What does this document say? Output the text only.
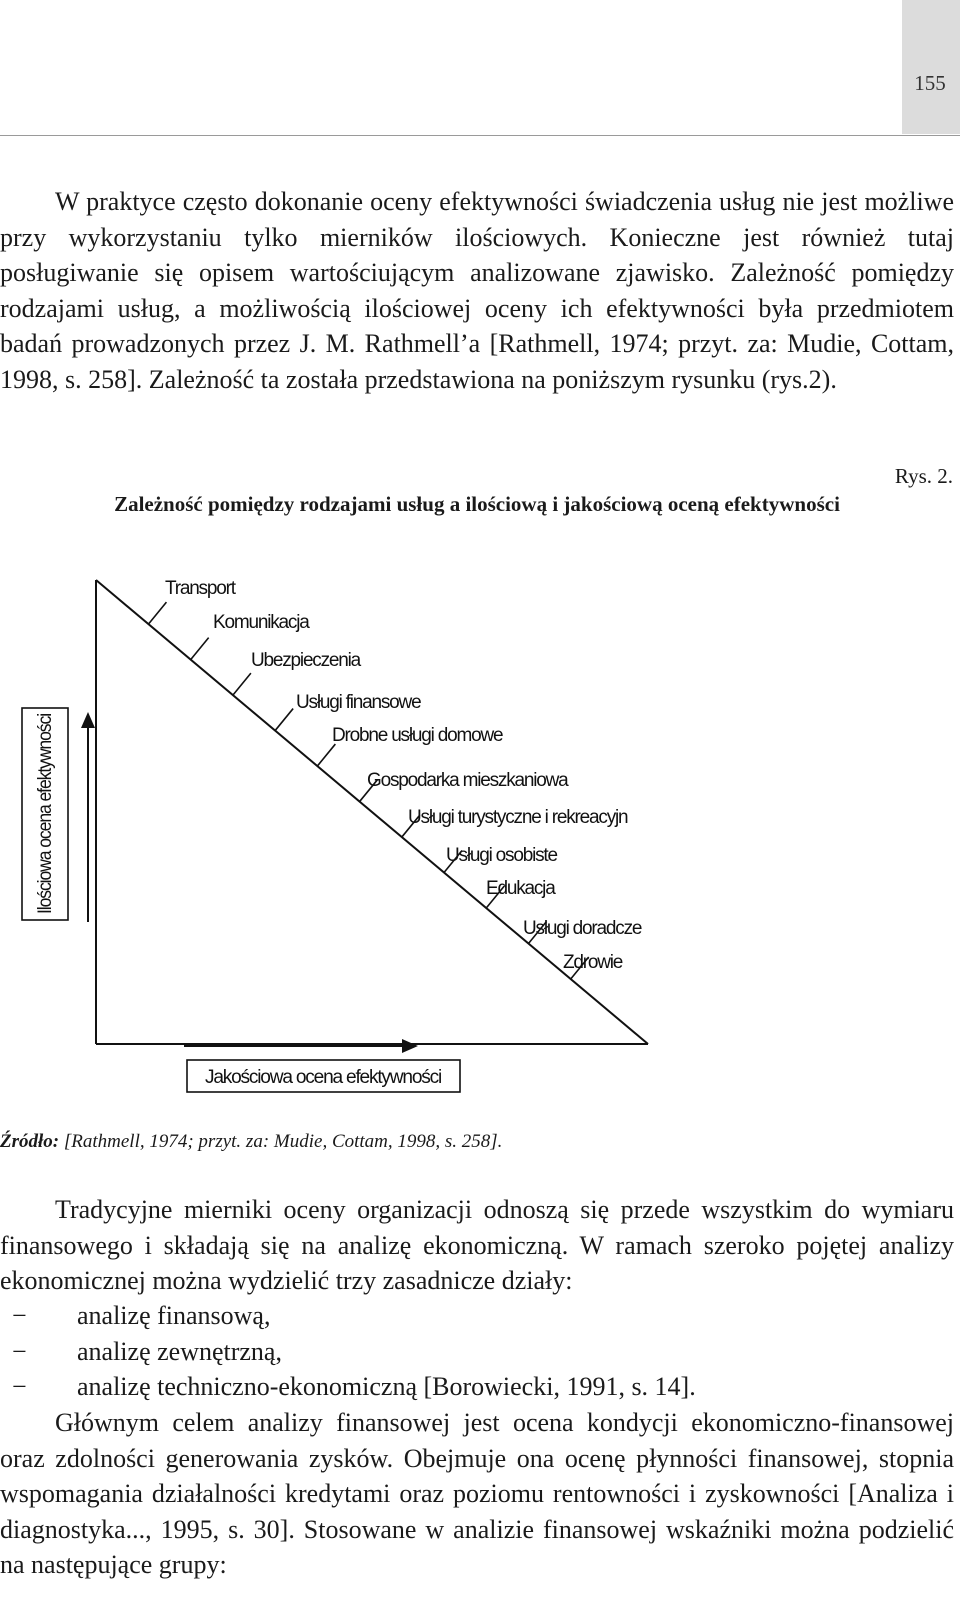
155

W praktyce często dokonanie oceny efektywności świadczenia usług nie jest możliwe przy wykorzystaniu tylko mierników ilościowych. Konieczne jest również tutaj posługiwanie się opisem wartościującym analizowane zjawisko. Zależność pomiędzy rodzajami usług, a możliwością ilościowej oceny ich efektywności była przedmiotem badań prowadzonych przez J. M. Rathmell’a [Rathmell, 1974; przyt. za: Mudie, Cottam, 1998, s. 258]. Zależność ta została przedstawiona na poniższym rysunku (rys.2).

Rys. 2.
Zależność pomiędzy rodzajami usług a ilościową i jakościową oceną efektywności
Transport
Komunikacja
Ubezpieczenia
Usługi finansowe
Drobne usługi domowe
Gospodarka mieszkaniowa
Usługi turystyczne i rekreacyjn
Usługi osobiste
Edukacja
Usługi doradcze
Zdrowie
Ilościowa ocena efektywności
Jakościowa ocena efektywności
Źródło: [Rathmell, 1974; przyt. za: Mudie, Cottam, 1998, s. 258].

Tradycyjne mierniki oceny organizacji odnoszą się przede wszystkim do wymiaru finansowego i składają się na analizę ekonomiczną. W ramach szeroko pojętej analizy ekonomicznej można wydzielić trzy zasadnicze działy:

− analizę finansową,
− analizę zewnętrzną,
− analizę techniczno-ekonomiczną [Borowiecki, 1991, s. 14].

Głównym celem analizy finansowej jest ocena kondycji ekonomiczno-finansowej oraz zdolności generowania zysków. Obejmuje ona ocenę płynności finansowej, stopnia wspomagania działalności kredytami oraz poziomu rentowności i zyskowności [Analiza i diagnostyka..., 1995, s. 30]. Stosowane w analizie finansowej wskaźniki można podzielić na następujące grupy:
